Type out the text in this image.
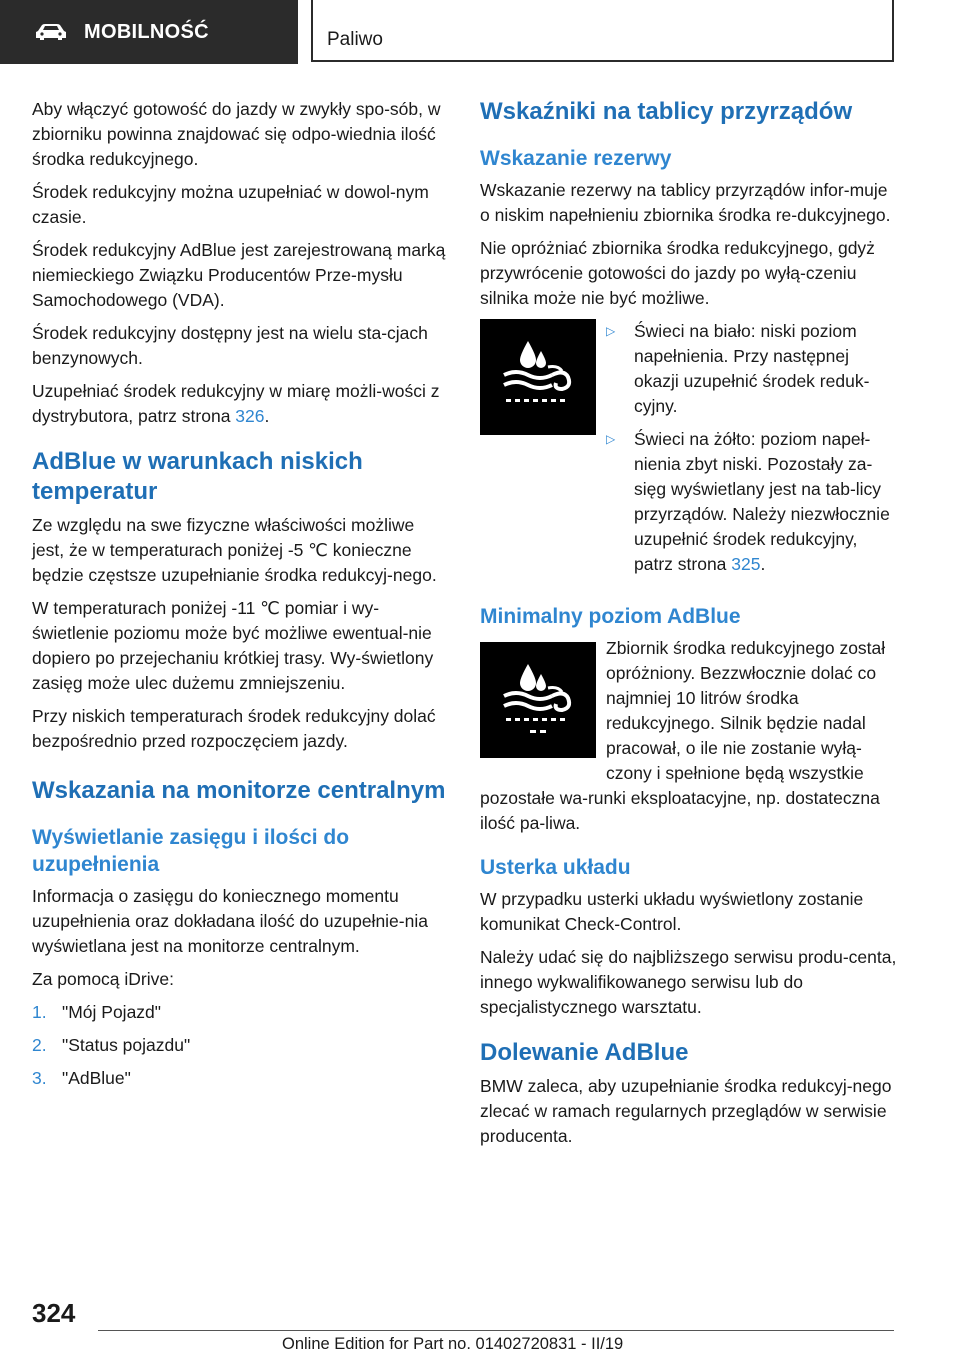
MOBILNOŚĆ	Paliwo

Aby włączyć gotowość do jazdy w zwykły spo-sób, w zbiorniku powinna znajdować się odpo-wiednia ilość środka redukcyjnego.

Środek redukcyjny można uzupełniać w dowol-nym czasie.

Środek redukcyjny AdBlue jest zarejestrowaną marką niemieckiego Związku Producentów Prze-mysłu Samochodowego (VDA).

Środek redukcyjny dostępny jest na wielu sta-cjach benzynowych.

Uzupełniać środek redukcyjny w miarę możli-wości z dystrybutora, patrz strona 326.

AdBlue w warunkach niskich temperatur

Ze względu na swe fizyczne właściwości możliwe jest, że w temperaturach poniżej -5 ℃ konieczne będzie częstsze uzupełnianie środka redukcyj-nego.

W temperaturach poniżej -11 ℃ pomiar i wy-świetlenie poziomu może być możliwe ewentual-nie dopiero po przejechaniu krótkiej trasy. Wy-świetlony zasięg może ulec dużemu zmniejszeniu.

Przy niskich temperaturach środek redukcyjny dolać bezpośrednio przed rozpoczęciem jazdy.

Wskazania na monitorze centralnym
Wyświetlanie zasięgu i ilości do uzupełnienia

Informacja o zasięgu do koniecznego momentu uzupełnienia oraz dokładana ilość do uzupełnie-nia wyświetlana jest na monitorze centralnym.

Za pomocą iDrive:

1. "Mój Pojazd"
2. "Status pojazdu"
3. "AdBlue"
Wskaźniki na tablicy przyrządów
Wskazanie rezerwy

Wskazanie rezerwy na tablicy przyrządów infor-muje o niskim napełnieniu zbiornika środka re-dukcyjnego.

Nie opróżniać zbiornika środka redukcyjnego, gdyż przywrócenie gotowości do jazdy po wyłą-czeniu silnika może nie być możliwe.

▷	Świeci na biało: niski poziom napełnienia. Przy następnej okazji uzupełnić środek reduk-cyjny.
▷	Świeci na żółto: poziom napeł-nienia zbyt niski. Pozostały za-sięg wyświetlany jest na tab-licy przyrządów. Należy niezwłocznie uzupełnić środek redukcyjny, patrz strona 325.
Minimalny poziom AdBlue

Zbiornik środka redukcyjnego został opróżniony. Bezzwłocznie dolać co najmniej 10 litrów środka redukcyjnego. Silnik będzie nadal pracował, o ile nie zostanie wyłą-czony i spełnione będą wszystkie pozostałe wa-runki eksploatacyjne, np. dostateczna ilość pa-liwa.

Usterka układu

W przypadku usterki układu wyświetlony zostanie komunikat Check-Control.

Należy udać się do najbliższego serwisu produ-centa, innego wykwalifikowanego serwisu lub do specjalistycznego warsztatu.

Dolewanie AdBlue

BMW zaleca, aby uzupełnianie środka redukcyj-nego zlecać w ramach regularnych przeglądów w serwisie producenta.

324
Online Edition for Part no. 01402720831 - II/19
